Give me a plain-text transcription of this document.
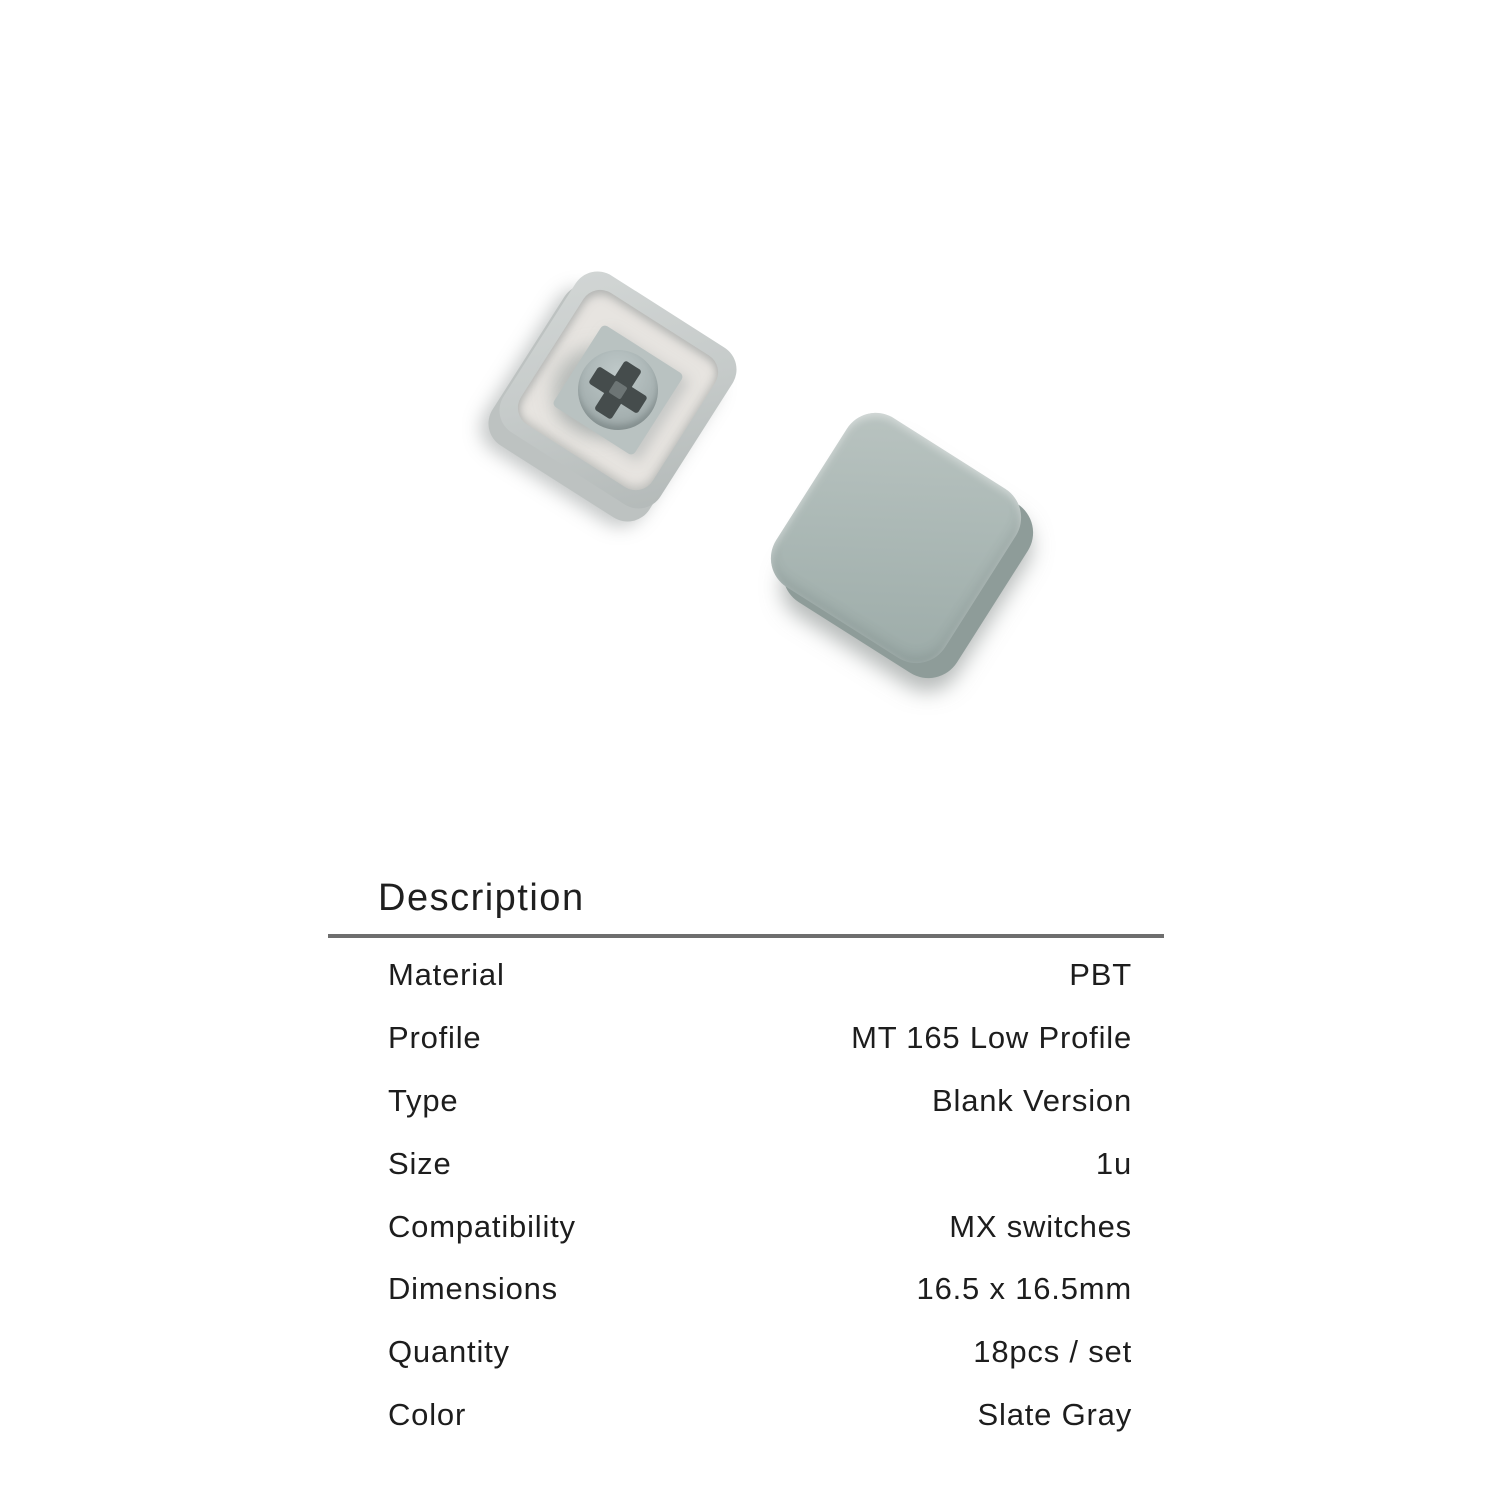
Description
Material	PBT
Profile	MT 165 Low Profile
Type	Blank Version
Size	1u
Compatibility	MX switches
Dimensions	16.5 x 16.5mm
Quantity	18pcs / set
Color	Slate Gray
